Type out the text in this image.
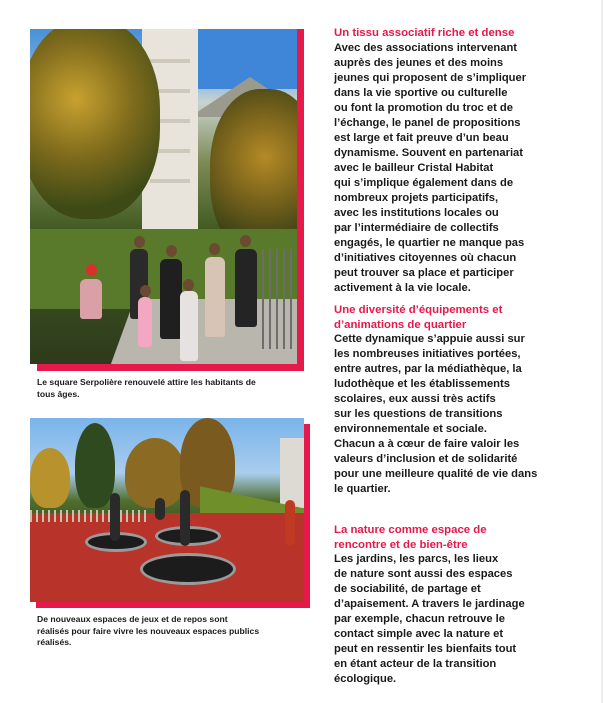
Le square Serpolière renouvelé attire les habitants de
tous âges.
De nouveaux espaces de jeux et de repos sont
réalisés pour faire vivre les nouveaux espaces publics
réalisés.
Un tissu associatif riche et dense

Avec des associations intervenant
auprès des jeunes et des moins
jeunes qui proposent de s’impliquer
dans la vie sportive ou culturelle
ou font la promotion du troc et de
l’échange, le panel de propositions
est large et fait preuve d’un beau
dynamisme. Souvent en partenariat
avec le bailleur Cristal Habitat
qui s’implique également dans de
nombreux projets participatifs,
avec les institutions locales ou
par l’intermédiaire de collectifs
engagés, le quartier ne manque pas
d’initiatives citoyennes où chacun
peut trouver sa place et participer
activement à la vie locale.

Une diversité d’équipements et
d’animations de quartier

Cette dynamique s’appuie aussi sur
les nombreuses initiatives portées,
entre autres, par la médiathèque, la
ludothèque et les établissements
scolaires, eux aussi très actifs
sur les questions de transitions
environnementale et sociale.
Chacun a à cœur de faire valoir les
valeurs d’inclusion et de solidarité
pour une meilleure qualité de vie dans
le quartier.

La nature comme espace de
rencontre et de bien-être

Les jardins, les parcs, les lieux
de nature sont aussi des espaces
de sociabilité, de partage et
d’apaisement. A travers le jardinage
par exemple, chacun retrouve le
contact simple avec la nature et
peut en ressentir les bienfaits tout
en étant acteur de la transition
écologique.
